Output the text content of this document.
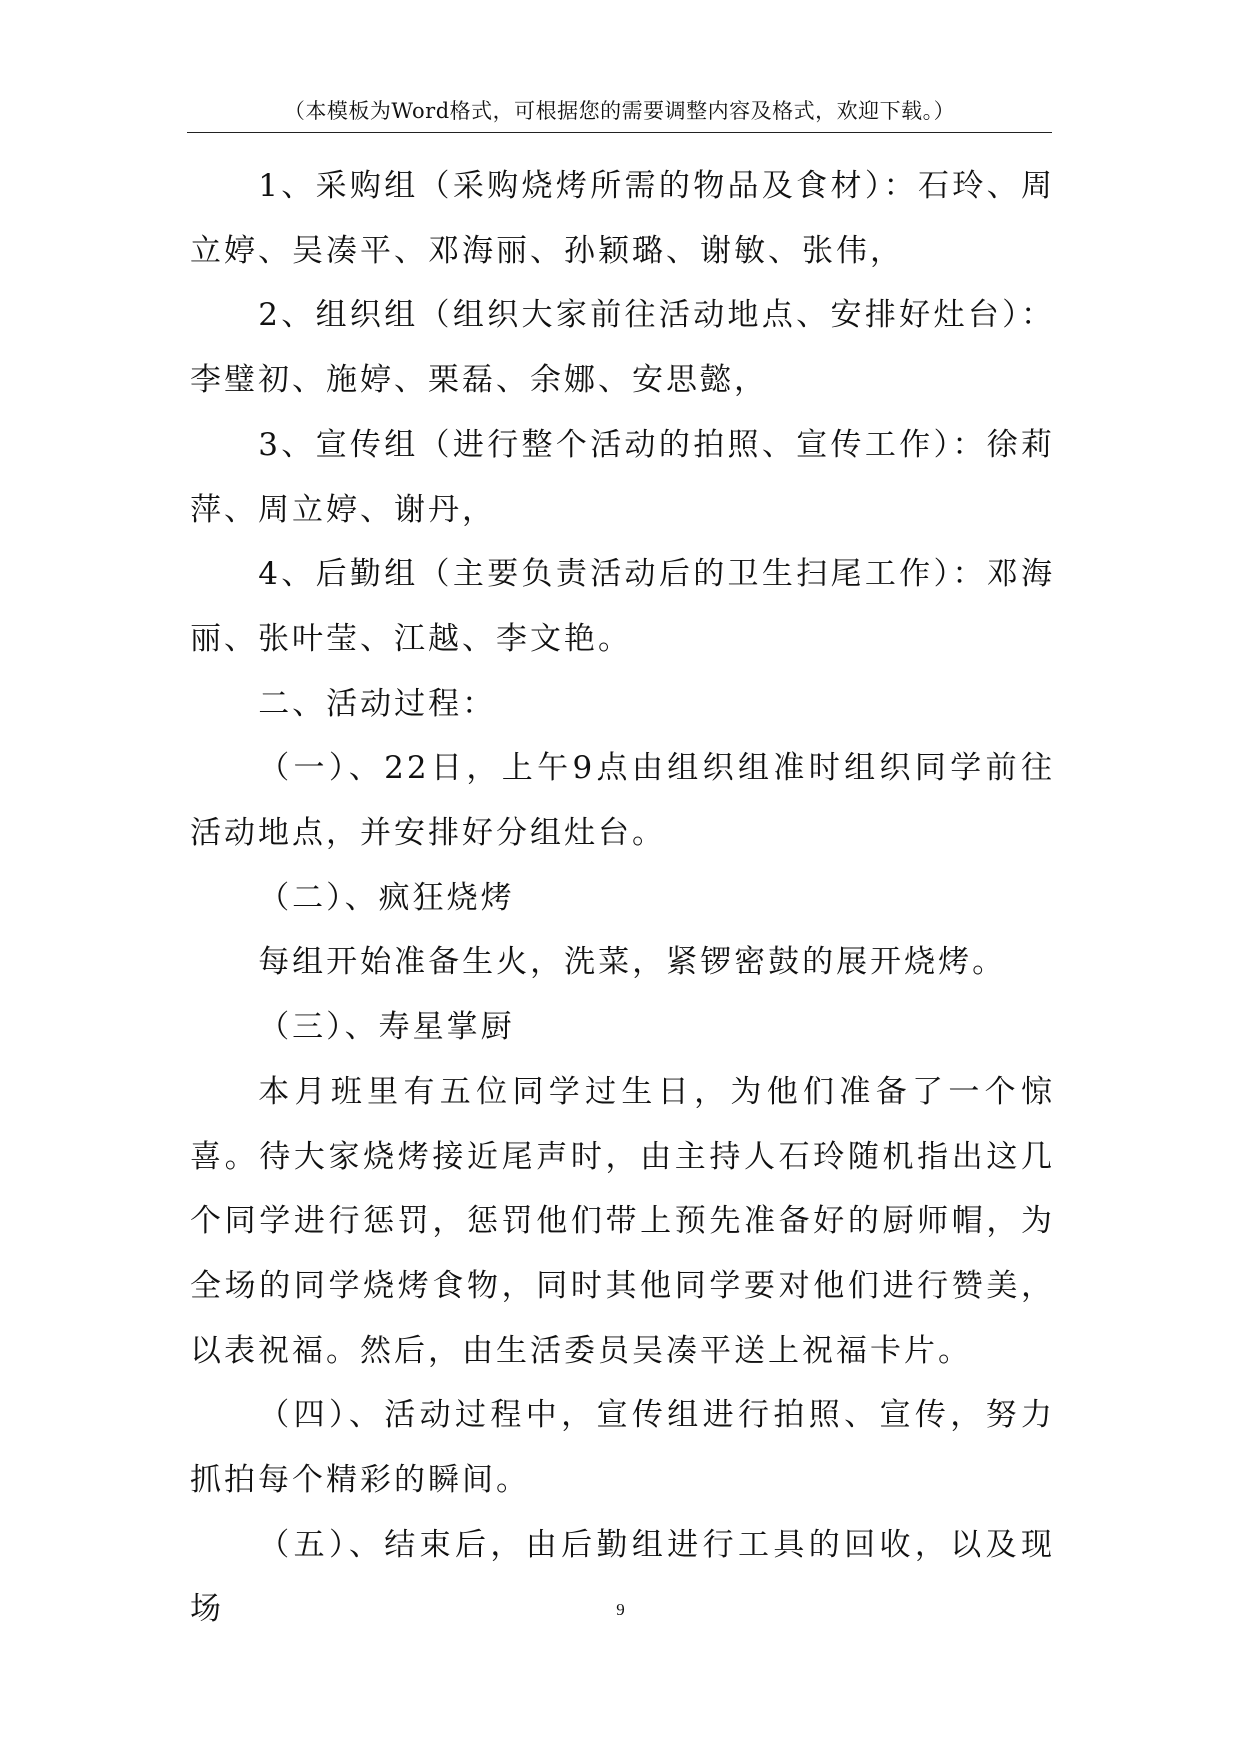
（本模板为Word格式，可根据您的需要调整内容及格式，欢迎下载。）

1、采购组（采购烧烤所需的物品及食材）：石玲、周立婷、吴凑平、邓海丽、孙颖璐、谢敏、张伟，

2、组织组（组织大家前往活动地点、安排好灶台）：李璧初、施婷、栗磊、余娜、安思懿，

3、宣传组（进行整个活动的拍照、宣传工作）：徐莉萍、周立婷、谢丹，

4、后勤组（主要负责活动后的卫生扫尾工作）：邓海丽、张叶莹、江越、李文艳。

二、活动过程：

（一）、22日，上午9点由组织组准时组织同学前往活动地点，并安排好分组灶台。

（二）、疯狂烧烤

每组开始准备生火，洗菜，紧锣密鼓的展开烧烤。

（三）、寿星掌厨

本月班里有五位同学过生日，为他们准备了一个惊喜。待大家烧烤接近尾声时，由主持人石玲随机指出这几个同学进行惩罚，惩罚他们带上预先准备好的厨师帽，为全场的同学烧烤食物，同时其他同学要对他们进行赞美，以表祝福。然后，由生活委员吴凑平送上祝福卡片。

（四）、活动过程中，宣传组进行拍照、宣传，努力抓拍每个精彩的瞬间。

（五）、结束后，由后勤组进行工具的回收，以及现场	9
